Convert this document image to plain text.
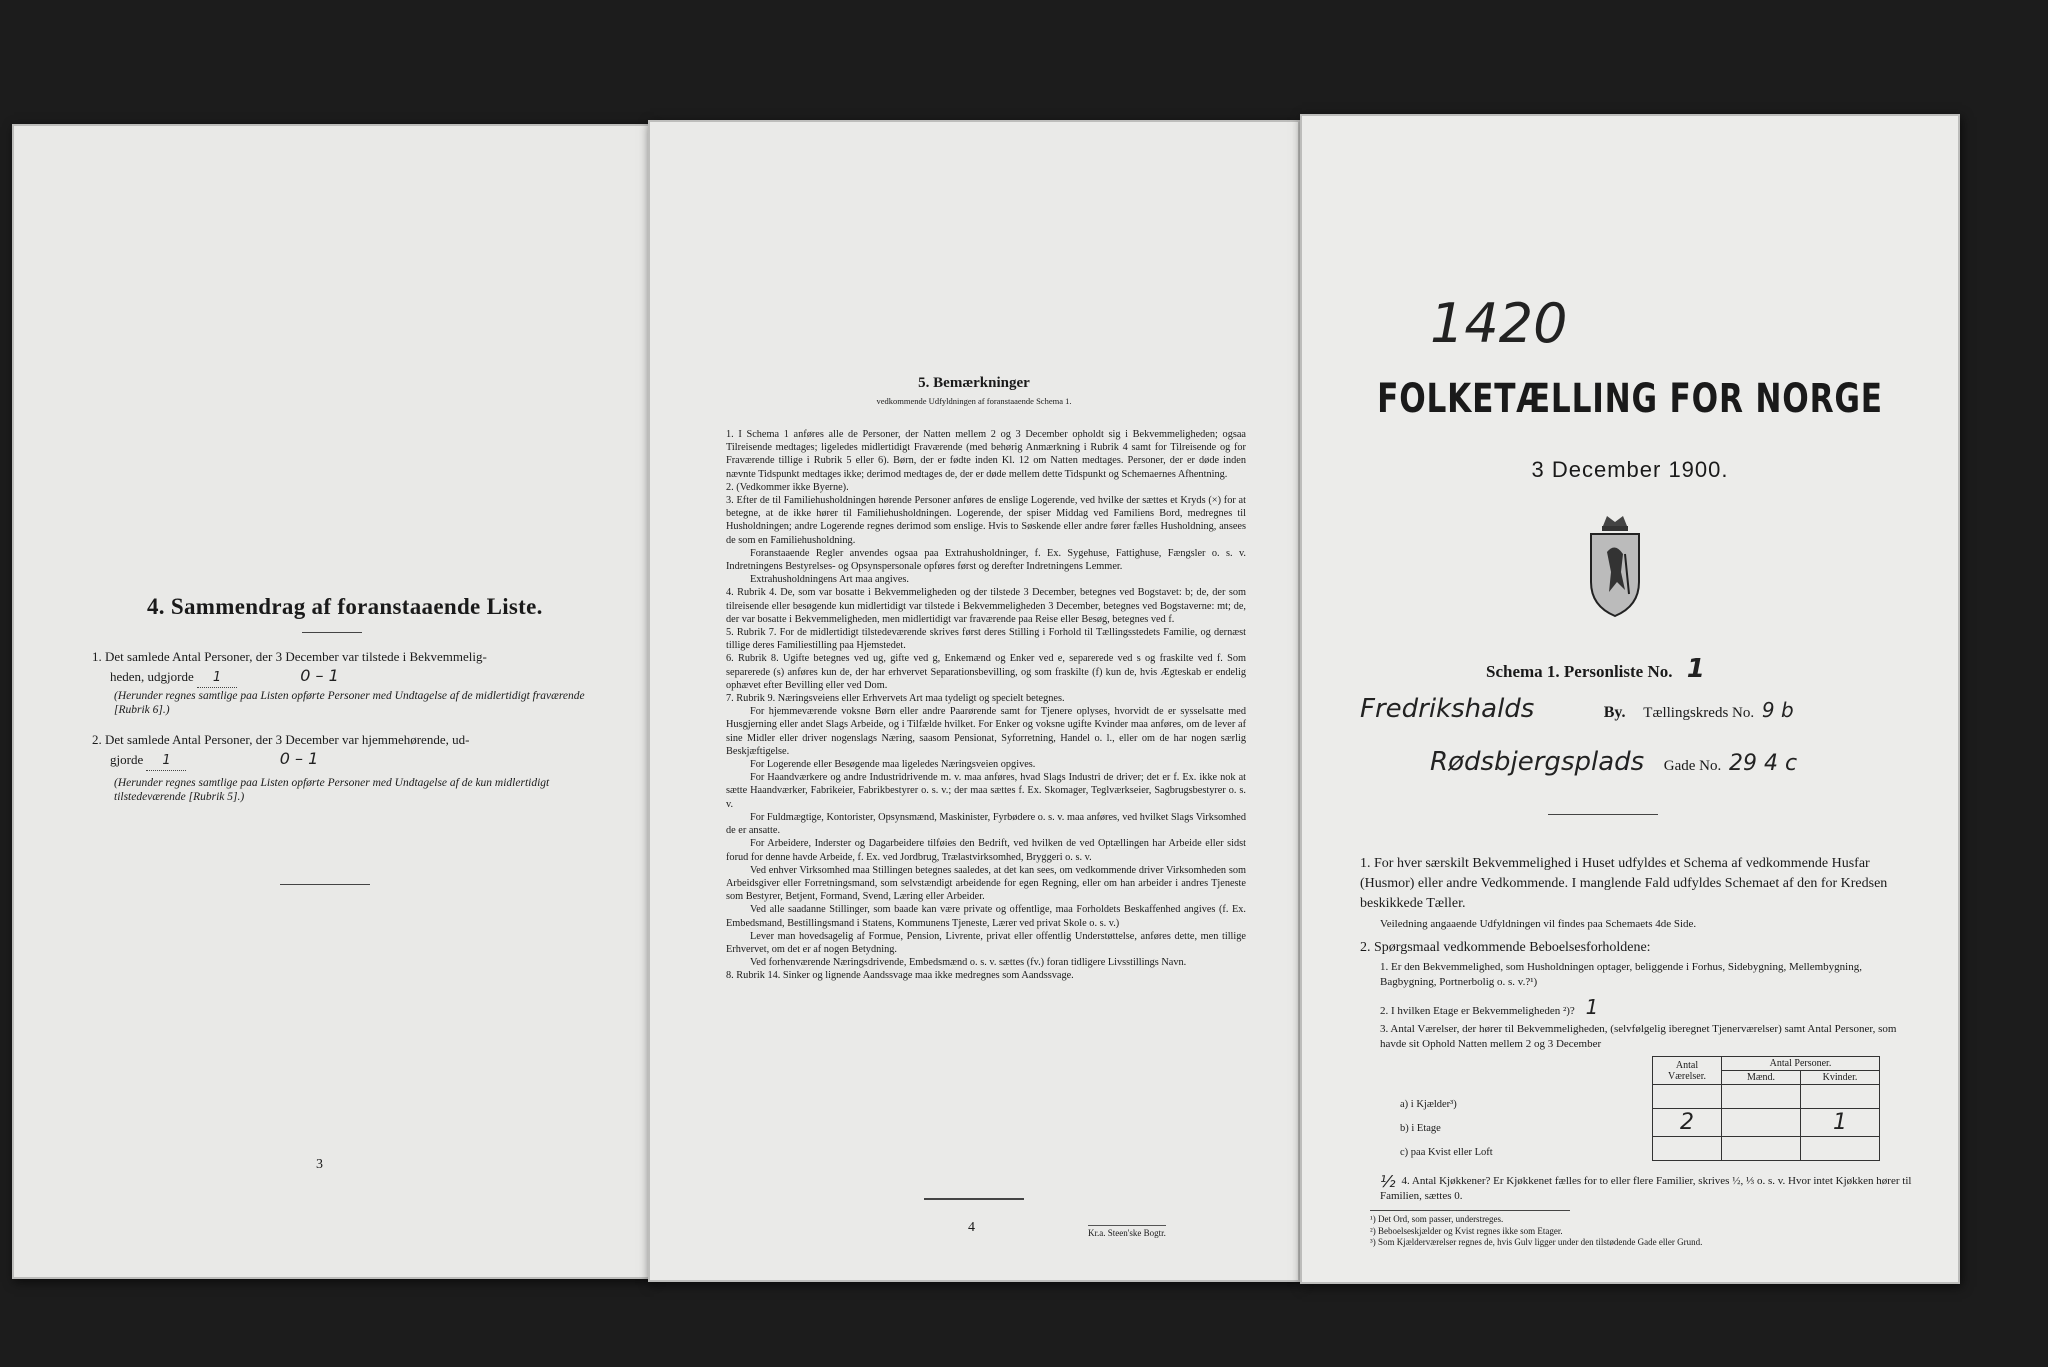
4. Sammendrag af foranstaaende Liste.
1. Det samlede Antal Personer, der 3 December var tilstede i Bekvemmelig-
heden, udgjorde 1	0 – 1
(Herunder regnes samtlige paa Listen opførte Personer med Undtagelse af de midlertidigt fraværende [Rubrik 6].)
2. Det samlede Antal Personer, der 3 December var hjemmehørende, ud-
gjorde 1	0 – 1
(Herunder regnes samtlige paa Listen opførte Personer med Undtagelse af de kun midlertidigt tilstedeværende [Rubrik 5].)
3
5. Bemærkninger
vedkommende Udfyldningen af foranstaaende Schema 1.

1. I Schema 1 anføres alle de Personer, der Natten mellem 2 og 3 December opholdt sig i Bekvemmeligheden; ogsaa Tilreisende medtages; ligeledes midlertidigt Fraværende (med behørig Anmærkning i Rubrik 4 samt for Tilreisende og for Fraværende tillige i Rubrik 5 eller 6). Børn, der er fødte inden Kl. 12 om Natten medtages. Personer, der er døde inden nævnte Tidspunkt medtages ikke; derimod medtages de, der er døde mellem dette Tidspunkt og Schemaernes Afhentning.

2. (Vedkommer ikke Byerne).

3. Efter de til Familiehusholdningen hørende Personer anføres de enslige Logerende, ved hvilke der sættes et Kryds (×) for at betegne, at de ikke hører til Familiehusholdningen. Logerende, der spiser Middag ved Familiens Bord, medregnes til Husholdningen; andre Logerende regnes derimod som enslige. Hvis to Søskende eller andre fører fælles Husholdning, ansees de som en Familiehusholdning.

Foranstaaende Regler anvendes ogsaa paa Extrahusholdninger, f. Ex. Sygehuse, Fattighuse, Fængsler o. s. v. Indretningens Bestyrelses- og Opsynspersonale opføres først og derefter Indretningens Lemmer.

Extrahusholdningens Art maa angives.

4. Rubrik 4. De, som var bosatte i Bekvemmeligheden og der tilstede 3 December, betegnes ved Bogstavet: b; de, der som tilreisende eller besøgende kun midlertidigt var tilstede i Bekvemmeligheden 3 December, betegnes ved Bogstaverne: mt; de, der var bosatte i Bekvemmeligheden, men midlertidigt var fraværende paa Reise eller Besøg, betegnes ved f.

5. Rubrik 7. For de midlertidigt tilstedeværende skrives først deres Stilling i Forhold til Tællingsstedets Familie, og dernæst tillige deres Familiestilling paa Hjemstedet.

6. Rubrik 8. Ugifte betegnes ved ug, gifte ved g, Enkemænd og Enker ved e, separerede ved s og fraskilte ved f. Som separerede (s) anføres kun de, der har erhvervet Separationsbevilling, og som fraskilte (f) kun de, hvis Ægteskab er endelig ophævet efter Bevilling eller ved Dom.

7. Rubrik 9. Næringsveiens eller Erhvervets Art maa tydeligt og specielt betegnes.

For hjemmeværende voksne Børn eller andre Paarørende samt for Tjenere oplyses, hvorvidt de er sysselsatte med Husgjerning eller andet Slags Arbeide, og i Tilfælde hvilket. For Enker og voksne ugifte Kvinder maa anføres, om de lever af sine Midler eller driver nogenslags Næring, saasom Pensionat, Syforretning, Handel o. l., eller om de har nogen særlig Beskjæftigelse.

For Logerende eller Besøgende maa ligeledes Næringsveien opgives.

For Haandværkere og andre Industridrivende m. v. maa anføres, hvad Slags Industri de driver; det er f. Ex. ikke nok at sætte Haandværker, Fabrikeier, Fabrikbestyrer o. s. v.; der maa sættes f. Ex. Skomager, Teglværkseier, Sagbrugsbestyrer o. s. v.

For Fuldmægtige, Kontorister, Opsynsmænd, Maskinister, Fyrbødere o. s. v. maa anføres, ved hvilket Slags Virksomhed de er ansatte.

For Arbeidere, Inderster og Dagarbeidere tilføies den Bedrift, ved hvilken de ved Optællingen har Arbeide eller sidst forud for denne havde Arbeide, f. Ex. ved Jordbrug, Trælastvirksomhed, Bryggeri o. s. v.

Ved enhver Virksomhed maa Stillingen betegnes saaledes, at det kan sees, om vedkommende driver Virksomheden som Arbeidsgiver eller Forretningsmand, som selvstændigt arbeidende for egen Regning, eller om han arbeider i andres Tjeneste som Bestyrer, Betjent, Formand, Svend, Læring eller Arbeider.

Ved alle saadanne Stillinger, som baade kan være private og offentlige, maa Forholdets Beskaffenhed angives (f. Ex. Embedsmand, Bestillingsmand i Statens, Kommunens Tjeneste, Lærer ved privat Skole o. s. v.)

Lever man hovedsagelig af Formue, Pension, Livrente, privat eller offentlig Understøttelse, anføres dette, men tillige Erhvervet, om det er af nogen Betydning.

Ved forhenværende Næringsdrivende, Embedsmænd o. s. v. sættes (fv.) foran tidligere Livsstillings Navn.

8. Rubrik 14. Sinker og lignende Aandssvage maa ikke medregnes som Aandssvage.

4	Kr.a. Steen'ske Bogtr.
1420
FOLKETÆLLING FOR NORGE
3 December 1900.
Schema 1. Personliste No. 1
Fredrikshalds	By. Tællingskreds No. 9 b
Rødsbjergsplads Gade No. 29 4 c
1. For hver særskilt Bekvemmelighed i Huset udfyldes et Schema af vedkommende Husfar (Husmor) eller andre Vedkommende. I manglende Fald udfyldes Schemaet af den for Kredsen beskikkede Tæller.
Veiledning angaaende Udfyldningen vil findes paa Schemaets 4de Side.
2. Spørgsmaal vedkommende Beboelsesforholdene:
1. Er den Bekvemmelighed, som Husholdningen optager, beliggende i Forhus, Sidebygning, Mellembygning, Bagbygning, Portnerbolig o. s. v.?¹)
2. I hvilken Etage er Bekvemmeligheden ²)? 1
3. Antal Værelser, der hører til Bekvemmeligheden, (selvfølgelig iberegnet Tjenerværelser) samt Antal Personer, som havde sit Ophold Natten mellem 2 og 3 December
a) i Kjælder³)
b) i Etage
c) paa Kvist eller Loft
Antal Værelser.	Antal Personer.	
	Mænd.	Kvinder.

2		1

½ 4. Antal Kjøkkener? Er Kjøkkenet fælles for to eller flere Familier, skrives ½, ⅓ o. s. v. Hvor intet Kjøkken hører til Familien, sættes 0.
¹) Det Ord, som passer, understreges.
²) Beboelseskjælder og Kvist regnes ikke som Etager.
³) Som Kjælderværelser regnes de, hvis Gulv ligger under den tilstødende Gade eller Grund.
